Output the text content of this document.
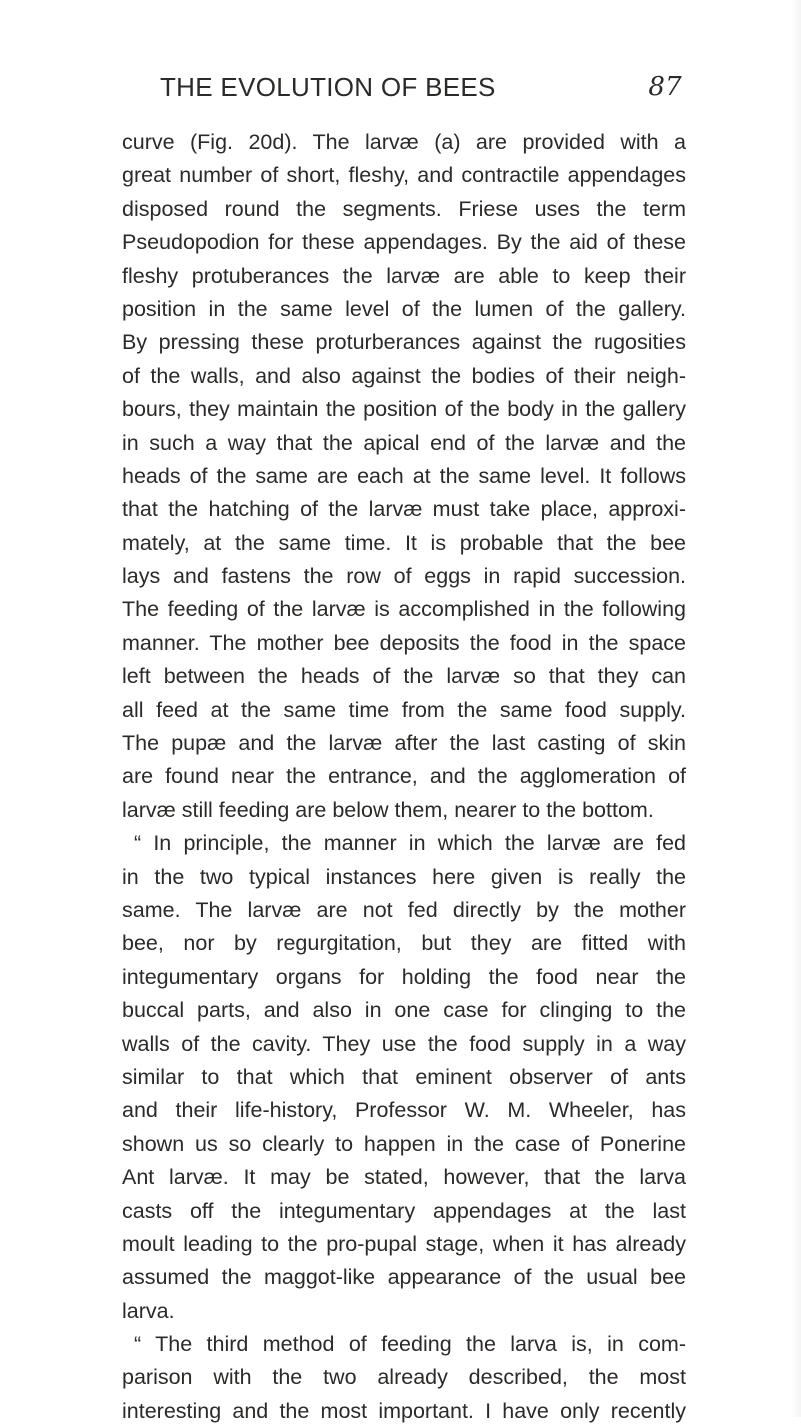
THE EVOLUTION OF BEES	87
curve (Fig. 20d). The larvæ (a) are provided with a
great number of short, fleshy, and contractile appendages
disposed round the segments. Friese uses the term
Pseudopodion for these appendages. By the aid of these
fleshy protuberances the larvæ are able to keep their
position in the same level of the lumen of the gallery.
By pressing these proturberances against the rugosities
of the walls, and also against the bodies of their neigh-
bours, they maintain the position of the body in the gallery
in such a way that the apical end of the larvæ and the
heads of the same are each at the same level. It follows
that the hatching of the larvæ must take place, approxi-
mately, at the same time. It is probable that the bee
lays and fastens the row of eggs in rapid succession.
The feeding of the larvæ is accomplished in the following
manner. The mother bee deposits the food in the space
left between the heads of the larvæ so that they can
all feed at the same time from the same food supply.
The pupæ and the larvæ after the last casting of skin
are found near the entrance, and the agglomeration of
larvæ still feeding are below them, nearer to the bottom.
“ In principle, the manner in which the larvæ are fed
in the two typical instances here given is really the
same. The larvæ are not fed directly by the mother
bee, nor by regurgitation, but they are fitted with
integumentary organs for holding the food near the
buccal parts, and also in one case for clinging to the
walls of the cavity. They use the food supply in a way
similar to that which that eminent observer of ants
and their life-history, Professor W. M. Wheeler, has
shown us so clearly to happen in the case of Ponerine
Ant larvæ. It may be stated, however, that the larva
casts off the integumentary appendages at the last
moult leading to the pro-pupal stage, when it has already
assumed the maggot-like appearance of the usual bee
larva.
“ The third method of feeding the larva is, in com-
parison with the two already described, the most
interesting and the most important. I have only recently
